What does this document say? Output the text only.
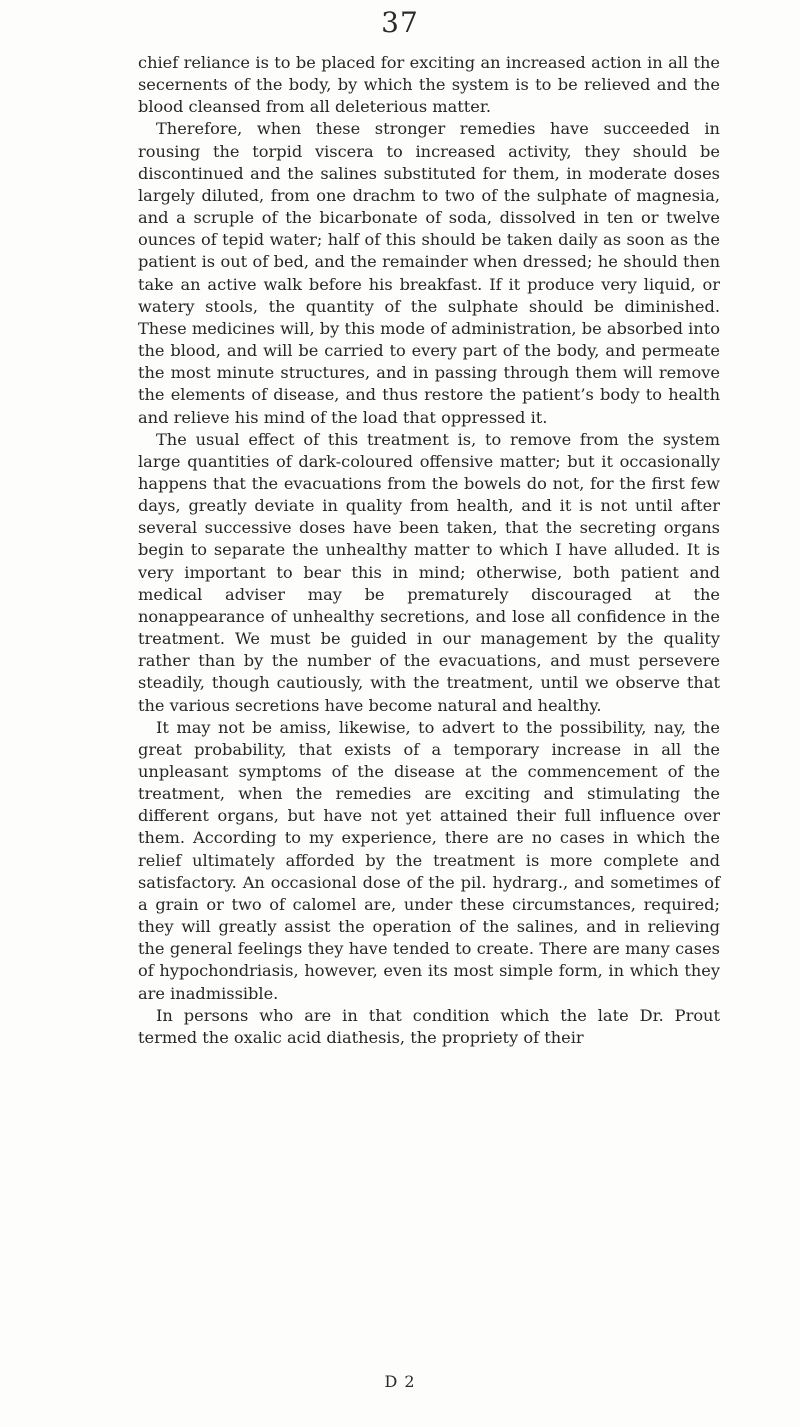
37

chief reliance is to be placed for exciting an increased action in all the secernents of the body, by which the system is to be relieved and the blood cleansed from all deleterious matter.

Therefore, when these stronger remedies have succeeded in rousing the torpid viscera to increased activity, they should be discontinued and the salines substituted for them, in moderate doses largely diluted, from one drachm to two of the sulphate of magnesia, and a scruple of the bicarbonate of soda, dissolved in ten or twelve ounces of tepid water; half of this should be taken daily as soon as the patient is out of bed, and the remainder when dressed; he should then take an active walk before his breakfast. If it produce very liquid, or watery stools, the quantity of the sulphate should be diminished. These medicines will, by this mode of administration, be absorbed into the blood, and will be carried to every part of the body, and permeate the most minute structures, and in passing through them will remove the elements of disease, and thus restore the patient’s body to health and relieve his mind of the load that oppressed it.

The usual effect of this treatment is, to remove from the system large quantities of dark-coloured offensive matter; but it occasionally happens that the evacuations from the bowels do not, for the first few days, greatly deviate in quality from health, and it is not until after several successive doses have been taken, that the secreting organs begin to separate the unhealthy matter to which I have alluded. It is very important to bear this in mind; otherwise, both patient and medical adviser may be prematurely discouraged at the nonappearance of unhealthy secretions, and lose all confidence in the treatment. We must be guided in our management by the quality rather than by the number of the evacuations, and must persevere steadily, though cautiously, with the treatment, until we observe that the various secretions have become natural and healthy.

It may not be amiss, likewise, to advert to the possibility, nay, the great probability, that exists of a temporary increase in all the unpleasant symptoms of the disease at the commencement of the treatment, when the remedies are exciting and stimulating the different organs, but have not yet attained their full influence over them. According to my experience, there are no cases in which the relief ultimately afforded by the treatment is more complete and satisfactory. An occasional dose of the pil. hydrarg., and sometimes of a grain or two of calomel are, under these circumstances, required; they will greatly assist the operation of the salines, and in relieving the general feelings they have tended to create. There are many cases of hypochondriasis, however, even its most simple form, in which they are inadmissible.

In persons who are in that condition which the late Dr. Prout termed the oxalic acid diathesis, the propriety of their

D 2
